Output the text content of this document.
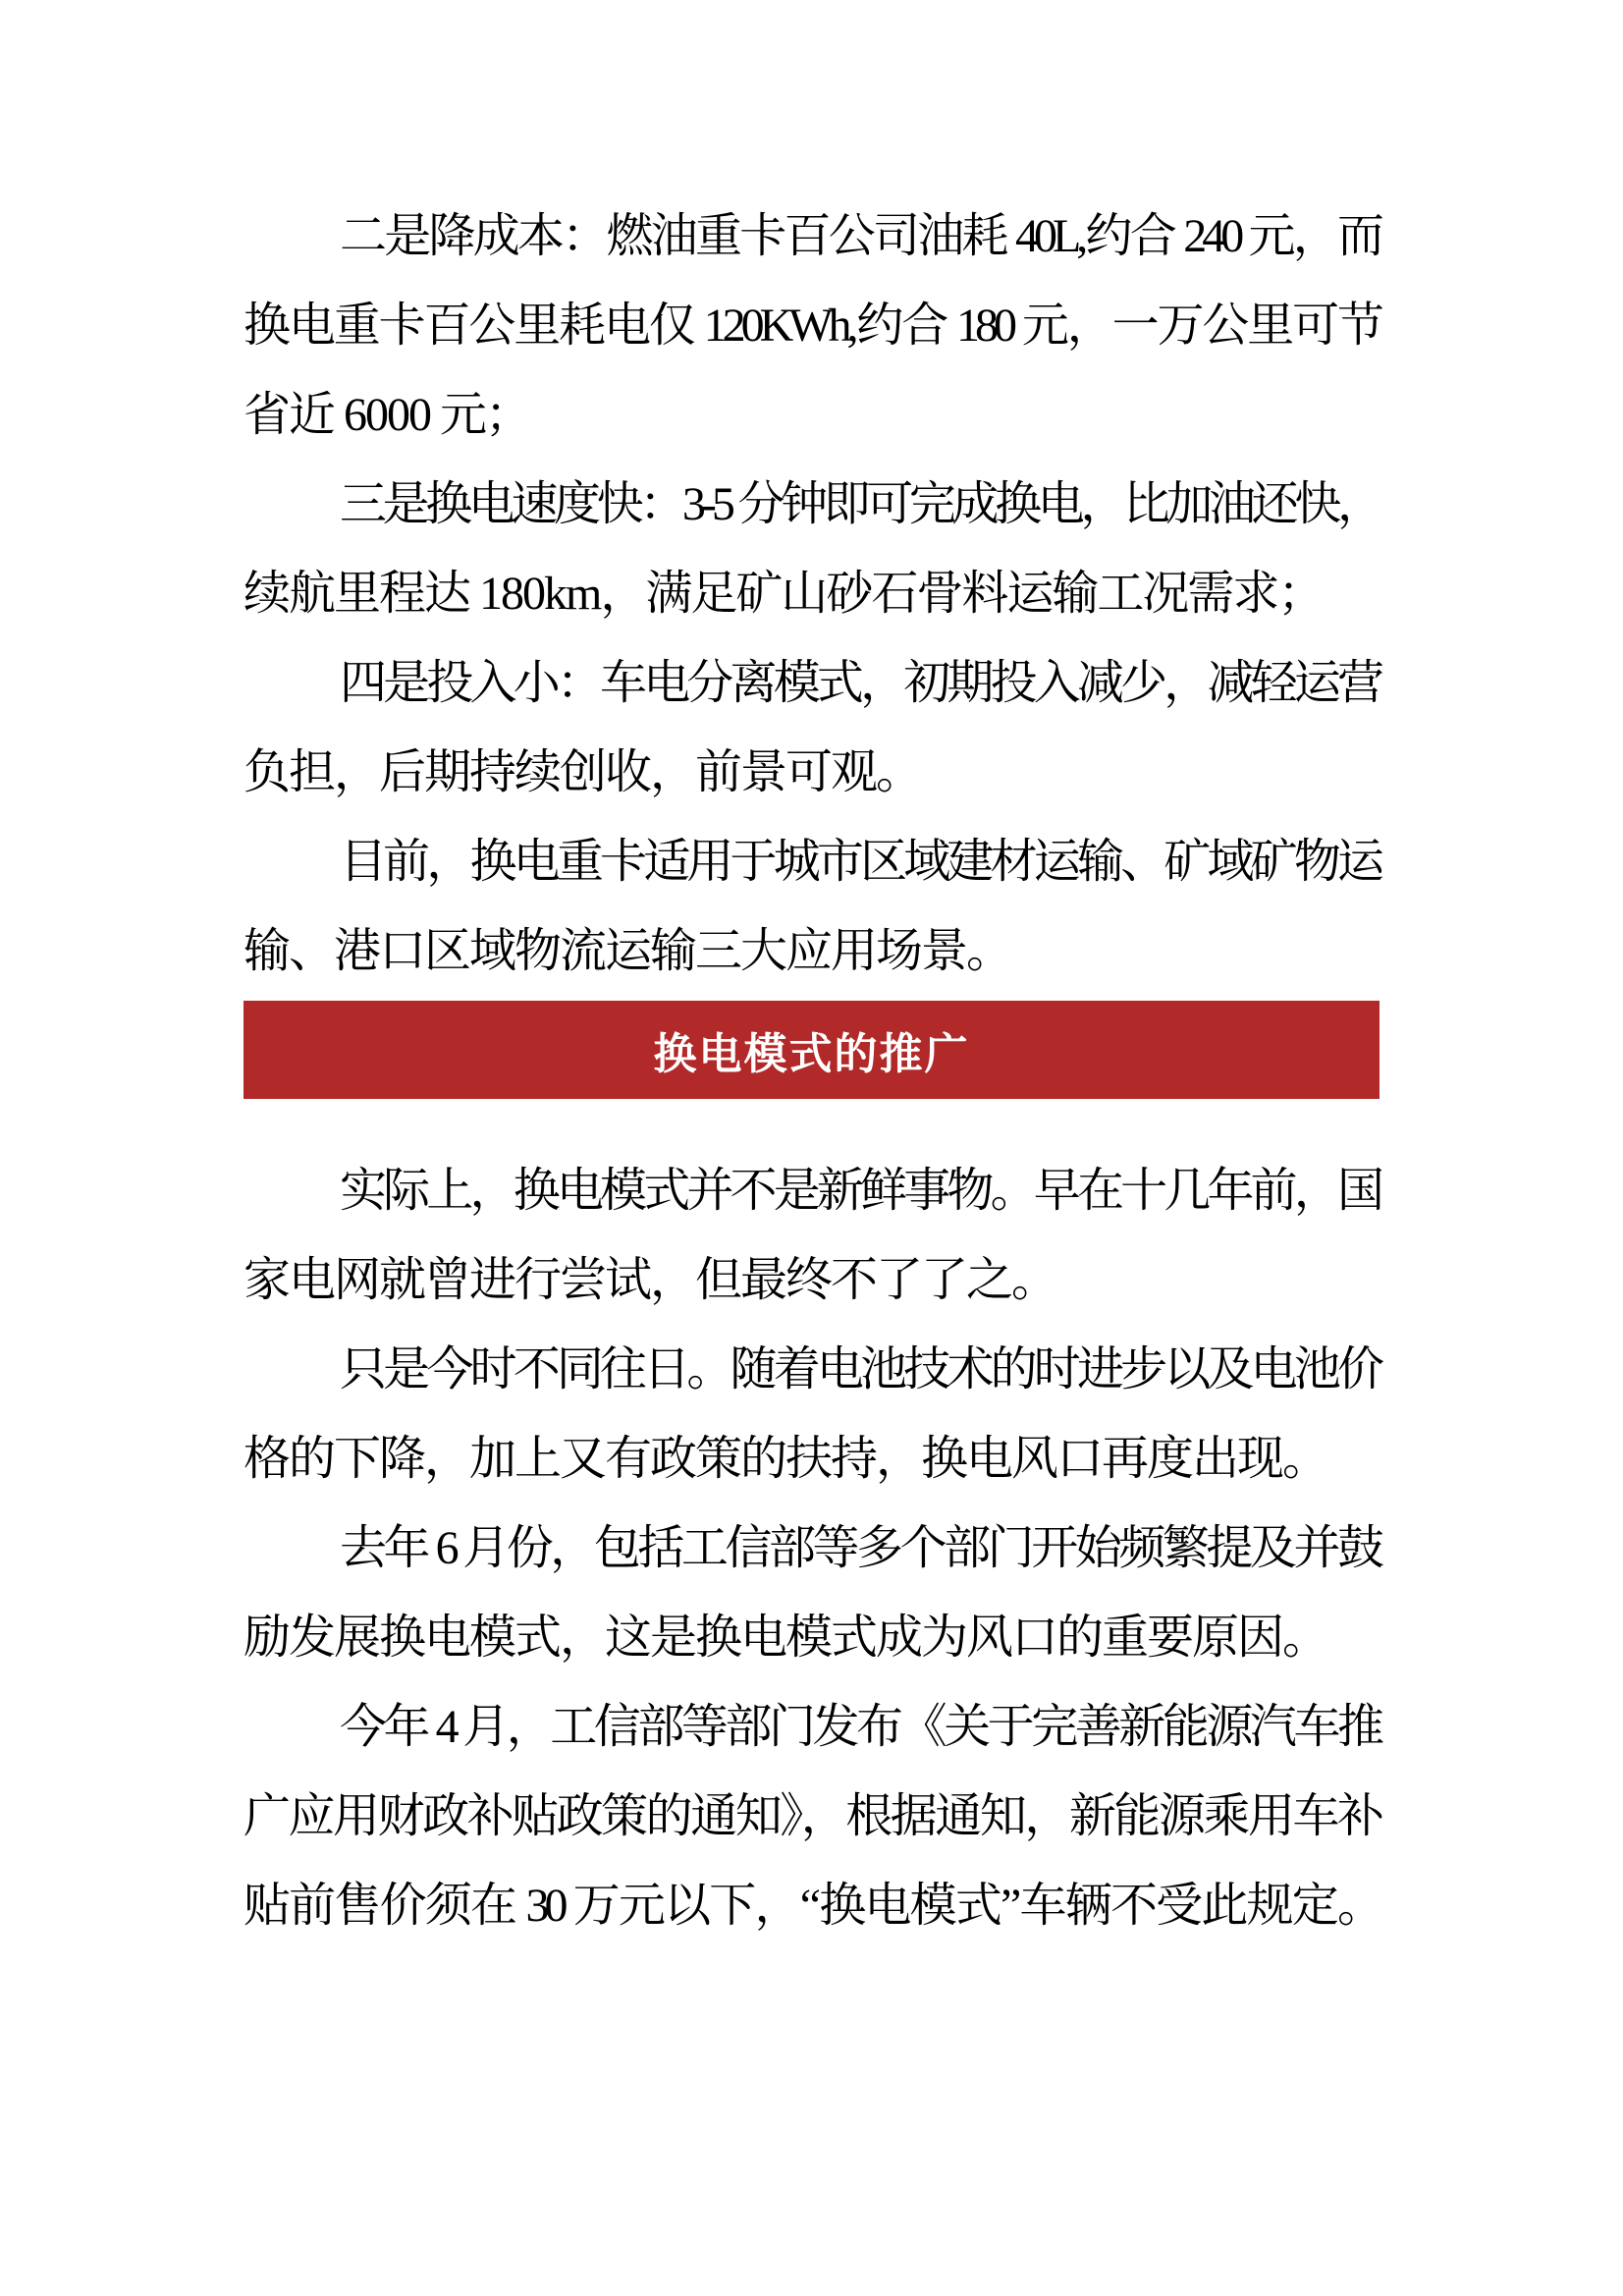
二是降成本：燃油重卡百公司油耗 40L,约合 240 元，而
换电重卡百公里耗电仅 120KWh,约合 180 元，一万公里可节
省近 6000 元；
三是换电速度快：3-5 分钟即可完成换电，比加油还快，
续航里程达 180km，满足矿山砂石骨料运输工况需求；
四是投入小：车电分离模式，初期投入减少，减轻运营
负担，后期持续创收，前景可观。
目前，换电重卡适用于城市区域建材运输、矿域矿物运
输、港口区域物流运输三大应用场景。
换电模式的推广
实际上，换电模式并不是新鲜事物。早在十几年前，国
家电网就曾进行尝试，但最终不了了之。
只是今时不同往日。随着电池技术的时进步以及电池价
格的下降，加上又有政策的扶持，换电风口再度出现。
去年 6 月份，包括工信部等多个部门开始频繁提及并鼓
励发展换电模式，这是换电模式成为风口的重要原因。
今年 4 月，工信部等部门发布《关于完善新能源汽车推
广应用财政补贴政策的通知》，根据通知，新能源乘用车补
贴前售价须在 30 万元以下，“换电模式”车辆不受此规定。
